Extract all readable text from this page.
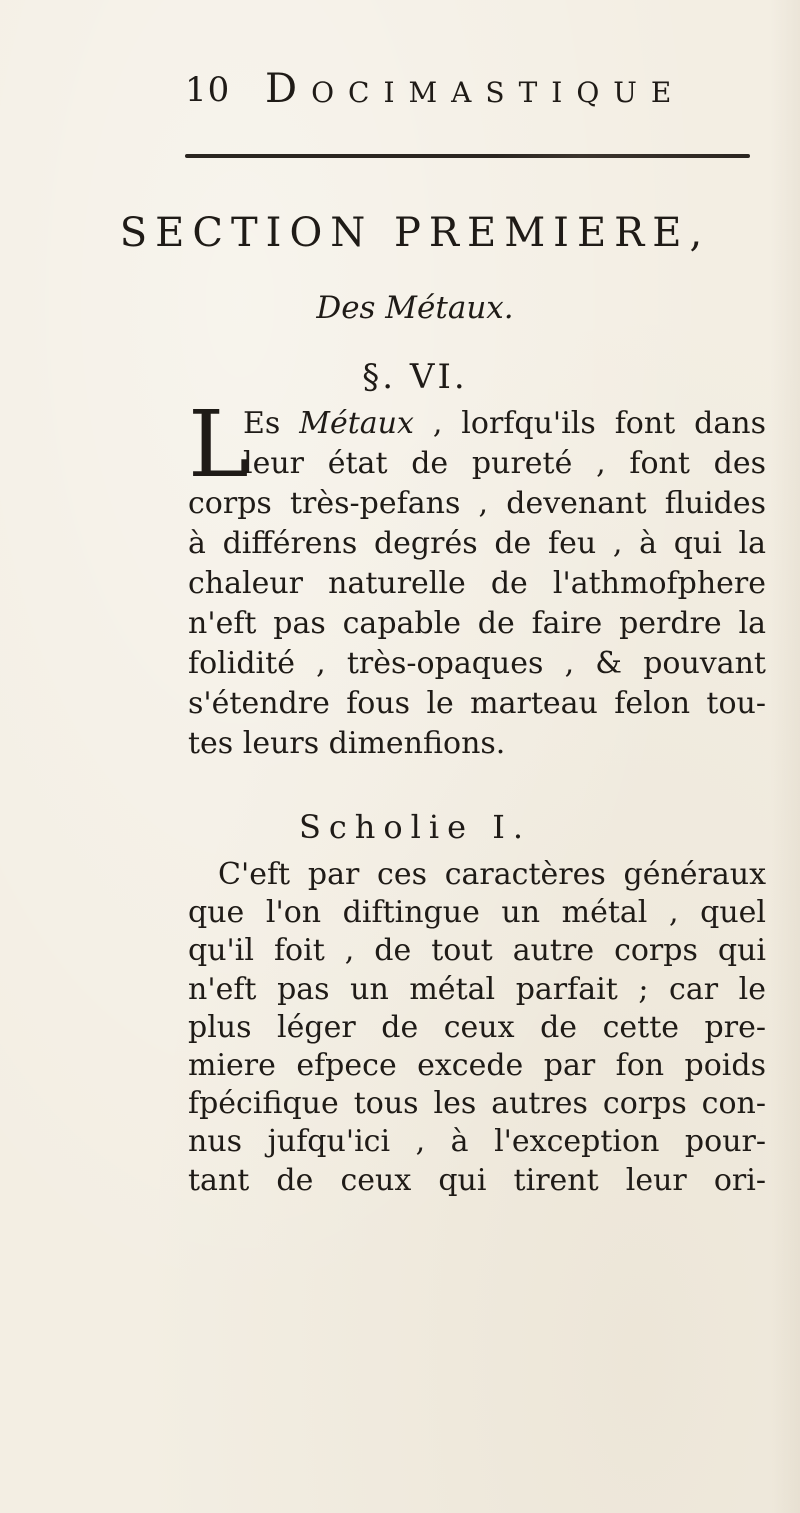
10 Docimastique
SECTION PREMIERE,
Des Métaux.
§. VI.
L
Es Métaux , lorfqu'ils font dans
leur état de pureté , font des
corps très-pefans , devenant fluides
à différens degrés de feu , à qui la
chaleur naturelle de l'athmofphere
n'eft pas capable de faire perdre la
folidité , très-opaques , & pouvant
s'étendre fous le marteau felon tou-
tes leurs dimenfions.
Scholie I.
C'eft par ces caractères généraux
que l'on diftingue un métal , quel
qu'il foit , de tout autre corps qui
n'eft pas un métal parfait ; car le
plus léger de ceux de cette pre-
miere efpece excede par fon poids
fpécifique tous les autres corps con-
nus jufqu'ici , à l'exception pour-
tant de ceux qui tirent leur ori-
